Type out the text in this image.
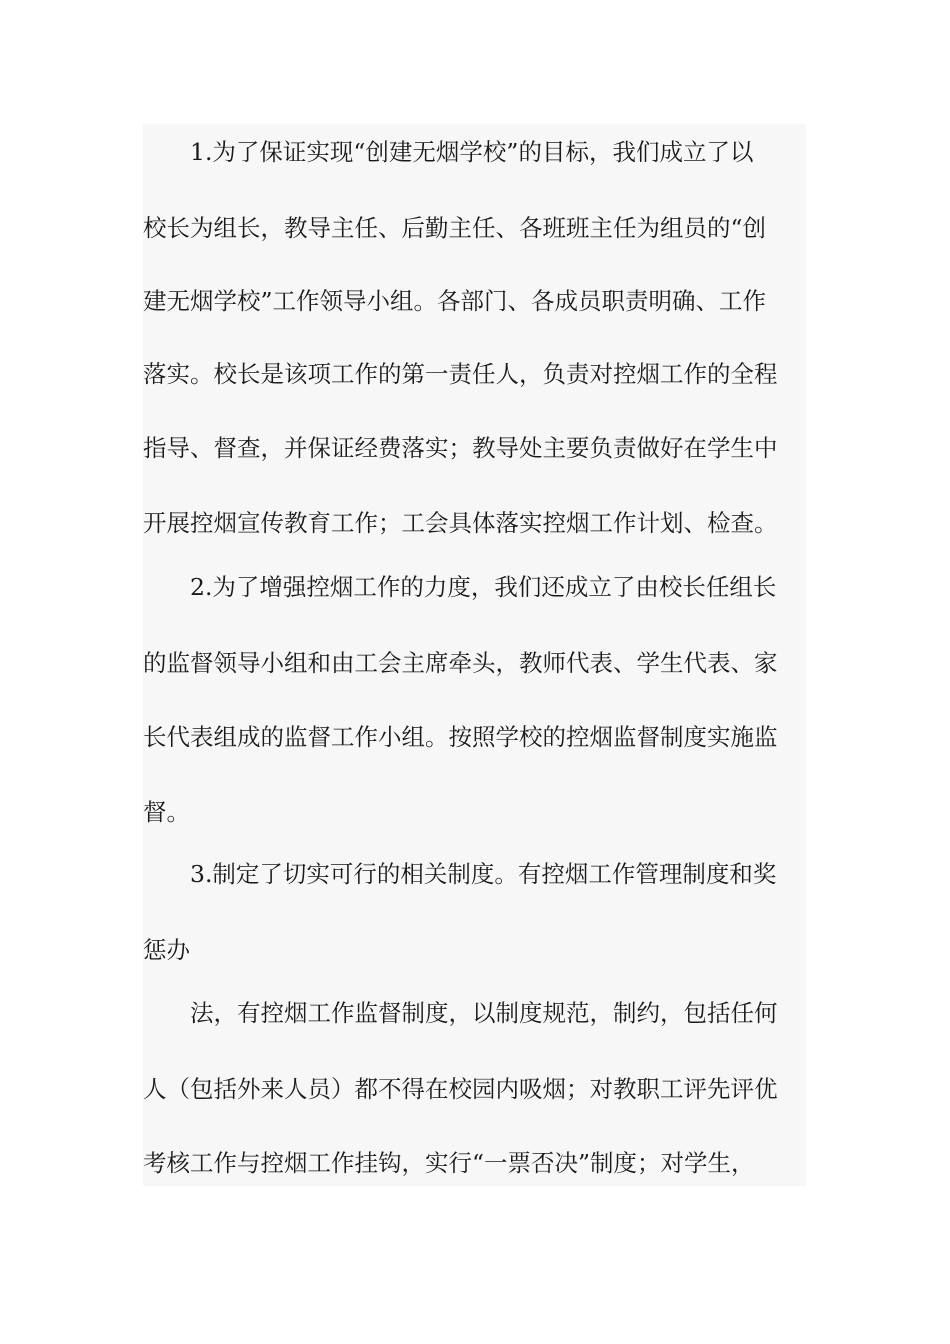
1.为了保证实现“创建无烟学校”的目标，我们成立了以
校长为组长，教导主任、后勤主任、各班班主任为组员的“创
建无烟学校”工作领导小组。各部门、各成员职责明确、工作
落实。校长是该项工作的第一责任人，负责对控烟工作的全程
指导、督查，并保证经费落实；教导处主要负责做好在学生中
开展控烟宣传教育工作；工会具体落实控烟工作计划、检查。
2.为了增强控烟工作的力度，我们还成立了由校长任组长
的监督领导小组和由工会主席牵头，教师代表、学生代表、家
长代表组成的监督工作小组。按照学校的控烟监督制度实施监
督。
3.制定了切实可行的相关制度。有控烟工作管理制度和奖
惩办
法，有控烟工作监督制度，以制度规范，制约，包括任何
人（包括外来人员）都不得在校园内吸烟；对教职工评先评优
考核工作与控烟工作挂钩，实行“一票否决”制度；对学生，
